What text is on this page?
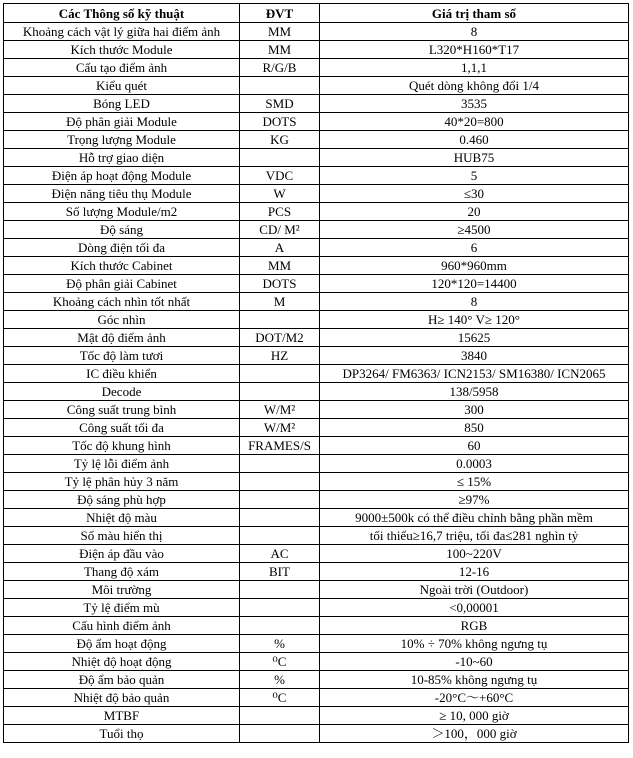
Các Thông số kỹ thuật	ĐVT	Giá trị tham số
Khoảng cách vật lý giữa hai điểm ảnh	MM	8
Kích thước Module	MM	L320*H160*T17
Cấu tạo điểm ảnh	R/G/B	1,1,1
Kiểu quét		Quét dòng không đổi 1/4
Bóng LED	SMD	3535
Độ phân giải Module	DOTS	40*20=800
Trọng lượng Module	KG	0.460
Hỗ trợ giao diện		HUB75
Điện áp hoạt động Module	VDC	5
Điện năng tiêu thụ Module	W	≤30
Số lượng Module/m2	PCS	20
Độ sáng	CD/ M²	≥4500
Dòng điện tối đa	A	6
Kích thước Cabinet	MM	960*960mm
Độ phân giải Cabinet	DOTS	120*120=14400
Khoảng cách nhìn tốt nhất	M	8
Góc nhìn		H≥ 140° V≥ 120°
Mật độ điểm ảnh	DOT/M2	15625
Tốc độ làm tươi	HZ	3840
IC điều khiển		DP3264/ FM6363/ ICN2153/ SM16380/ ICN2065
Decode		138/5958
Công suất trung bình	W/M²	300
Công suất tối đa	W/M²	850
Tốc độ khung hình	FRAMES/S	60
Tỷ lệ lỗi điểm ảnh		0.0003
Tỷ lệ phân hủy 3 năm		≤ 15%
Độ sáng phù hợp		≥97%
Nhiệt độ màu		9000±500k có thể điều chỉnh bằng phần mềm
Số màu hiển thị		tối thiểu≥16,7 triệu, tối đa≤281 nghìn tỷ
Điện áp đầu vào	AC	100~220V
Thang độ xám	BIT	12-16
Môi trường		Ngoài trời (Outdoor)
Tỷ lệ điểm mù		<0,00001
Cấu hình điểm ảnh		RGB
Độ ẩm hoạt động	%	10% ÷ 70% không ngưng tụ
Nhiệt độ hoạt động	⁰C	-10~60
Độ ẩm bảo quản	%	10-85% không ngưng tụ
Nhiệt độ bảo quản	⁰C	-20°C～+60°C
MTBF		≥ 10, 000 giờ
Tuổi thọ		＞100，000 giờ
